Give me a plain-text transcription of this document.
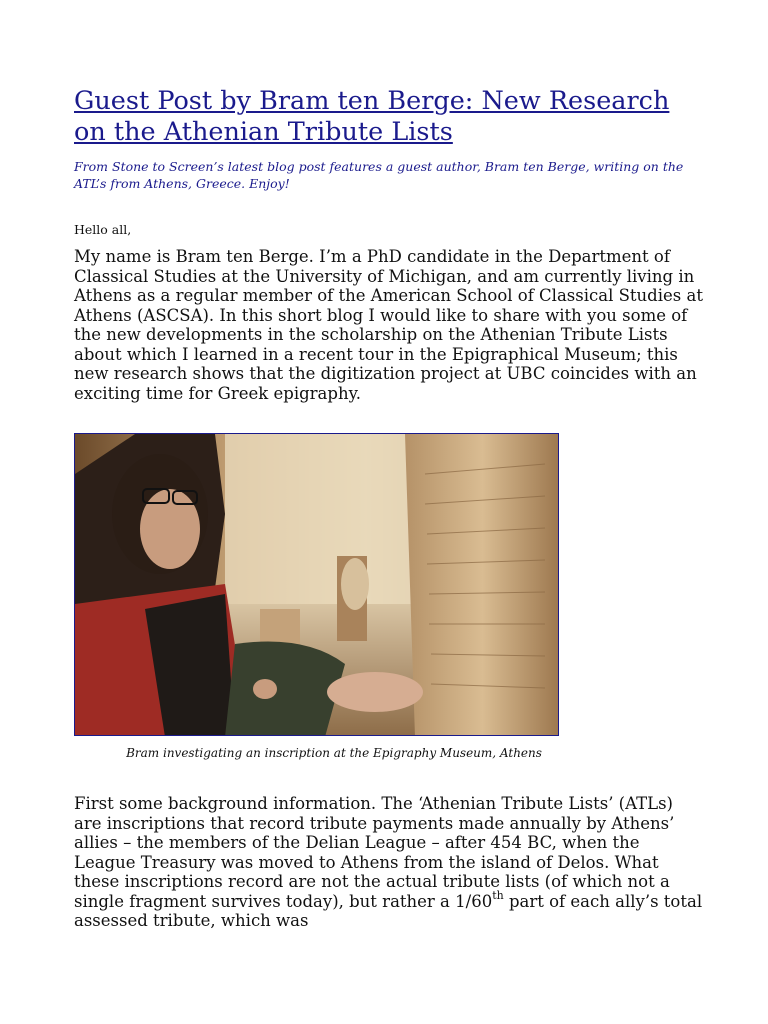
Guest Post by Bram ten Berge: New Research on the Athenian Tribute Lists

From Stone to Screen’s latest blog post features a guest author, Bram ten Berge, writing on the ATL’s from Athens, Greece. Enjoy!

Hello all,

My name is Bram ten Berge. I’m a PhD candidate in the Department of Classical Studies at the University of Michigan, and am currently living in Athens as a regular member of the American School of Classical Studies at Athens (ASCSA). In this short blog I would like to share with you some of the new developments in the scholarship on the Athenian Tribute Lists about which I learned in a recent tour in the Epigraphical Museum; this new research shows that the digitization project at UBC coincides with an exciting time for Greek epigraphy.

First some background information. The ‘Athenian Tribute Lists’ (ATLs) are inscriptions that record tribute payments made annually by Athens’ allies – the members of the Delian League – after 454 BC, when the League Treasury was moved to Athens from the island of Delos. What these inscriptions record are not the actual tribute lists (of which not a single fragment survives today), but rather a 1/60th part of each ally’s total assessed tribute, which was

Bram investigating an inscription at the Epigraphy Museum, Athens
